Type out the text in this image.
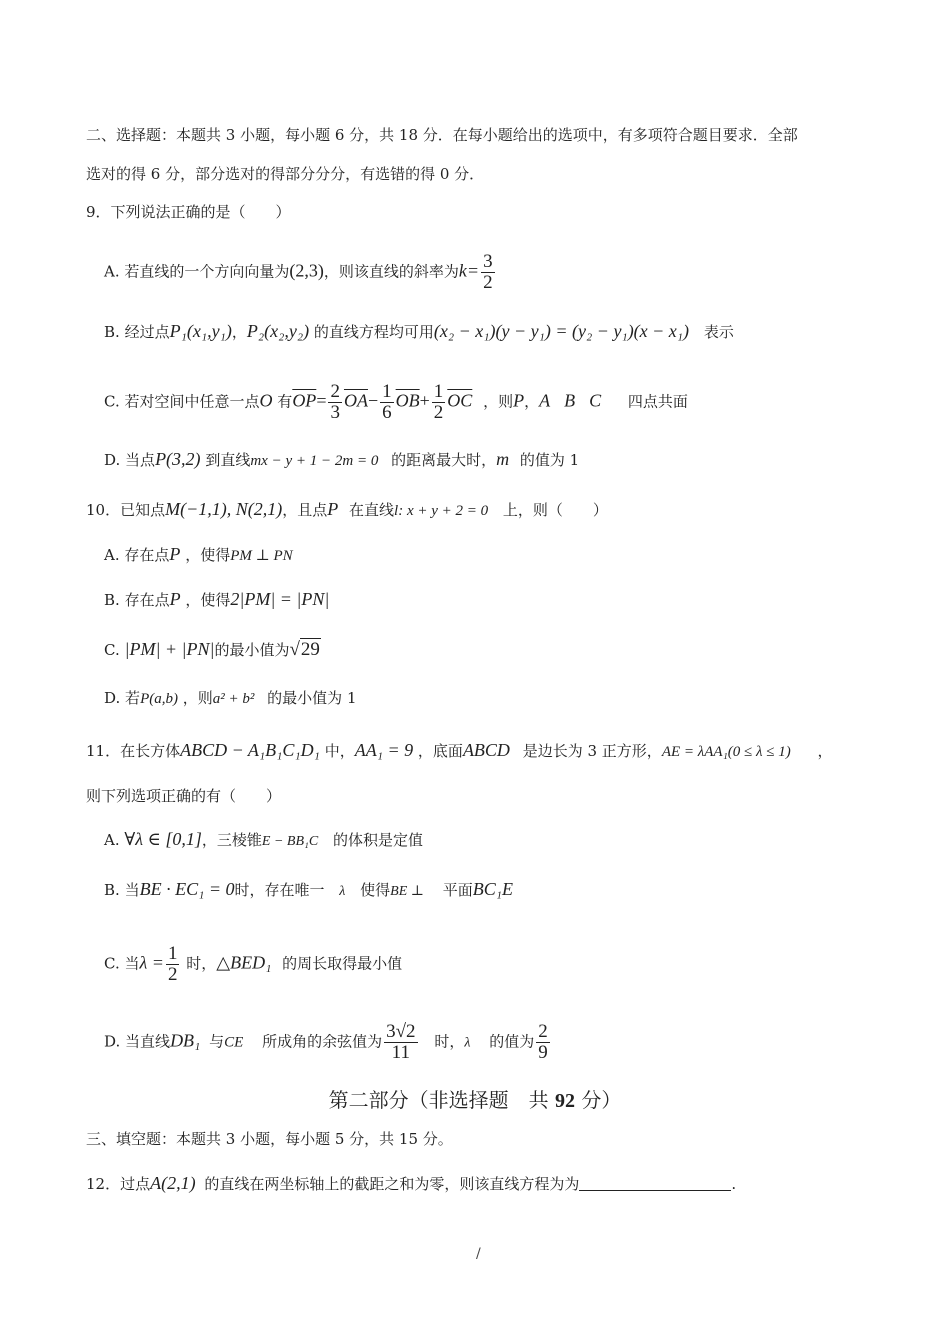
二、选择题：本题共 3 小题，每小题 6 分，共 18 分．在每小题给出的选项中，有多项符合题目要求．全部
选对的得 6 分，部分选对的得部分分分，有选错的得 0 分．
9．下列说法正确的是（　　）
A. 若直线的一个方向向量为(2,3)，则该直线的斜率为$k= \frac{3}{2}$
B. 经过点P₁(x₁,y₁)，P₂(x₂,y₂) 的直线方程均可用(x₂ − x₁)(y − y₁) = (y₂ − y₁)(x − x₁) 表示
C. 若对空间中任意一点O 有$\overline{OP}= \frac{2}{3} \overline{OA}- \frac{1}{6} \overline{OB}+ \frac{1}{2} \overline{OC}$ ，则P，A B C 四点共面
D. 当点P(3,2) 到直线mx − y + 1 − 2m = 0 的距离最大时，m 的值为 1
10．已知点M(−1,1), N(2,1)，且点P 在直线l: x + y + 2 = 0 上，则（　　）
A. 存在点P ，使得PM ⊥ PN
B. 存在点P ，使得2|PM| = |PN|
C. |PM| + |PN|的最小值为√29
D. 若P(a,b) ，则a² + b² 的最小值为 1
11．在长方体ABCD − A₁B₁C₁D₁ 中，AA₁ = 9 ，底面ABCD 是边长为 3 正方形，AE = λAA₁(0 ≤ λ ≤ 1) ，
则下列选项正确的有（　　）
A. ∀λ ∈ [0,1]，三棱锥E − BB₁C 的体积是定值
B. 当BE · EC₁ = 0时，存在唯一 λ 使得BE ⊥ 平面BC₁E
C. 当$\lambda = \frac{1}{2}$ 时，△BED₁ 的周长取得最小值
D. 当直线DB₁ 与CE 所成角的余弦值为 $\frac{3√2}{11}$ 时，λ 的值为 $\frac{2}{9}$
第二部分（非选择题　共 92 分）
三、填空题：本题共 3 小题，每小题 5 分，共 15 分。
12．过点A(2,1) 的直线在两坐标轴上的截距之和为零，则该直线方程为为	.
/
